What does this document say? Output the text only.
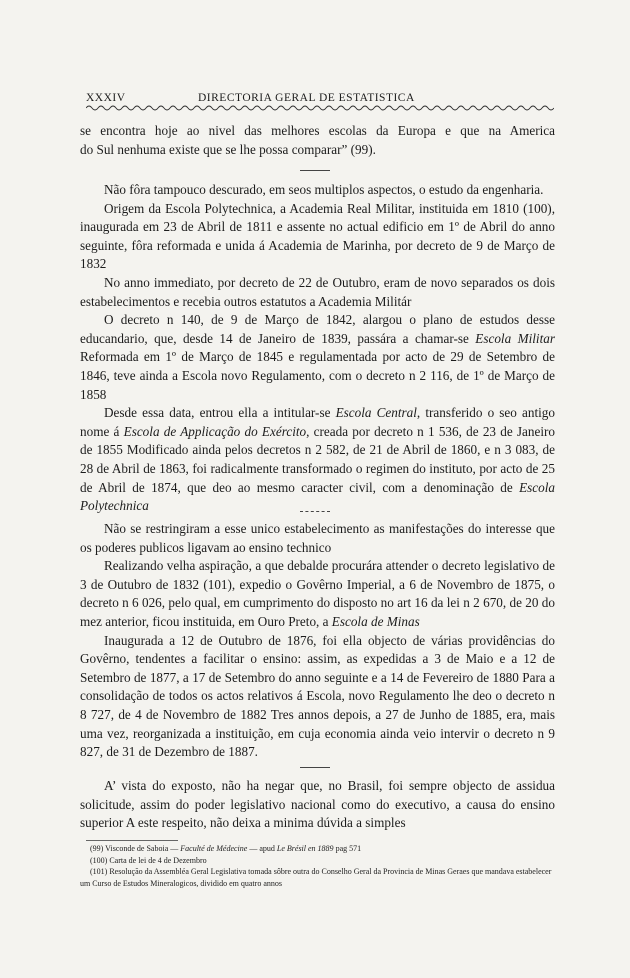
XXXIV	DIRECTORIA GERAL DE ESTATISTICA

se encontra hoje ao nivel das melhores escolas da Europa e que na America

do Sul nenhuma existe que se lhe possa comparar” (99).

Não fôra tampouco descurado, em seos multiplos aspectos, o estudo da engenharia.

Origem da Escola Polytechnica, a Academia Real Militar, instituida em 1810 (100), inaugurada em 23 de Abril de 1811 e assente no actual edificio em 1º de Abril do anno seguinte, fôra reformada e unida á Academia de Marinha, por decreto de 9 de Março de 1832

No anno immediato, por decreto de 22 de Outubro, eram de novo separados os dois estabelecimentos e recebia outros estatutos a Academia Militár

O decreto n 140, de 9 de Março de 1842, alargou o plano de estudos desse educandario, que, desde 14 de Janeiro de 1839, passára a chamar-se Escola Militar Reformada em 1º de Março de 1845 e regulamentada por acto de 29 de Setembro de 1846, teve ainda a Escola novo Regulamento, com o decreto n 2 116, de 1º de Março de 1858

Desde essa data, entrou ella a intitular-se Escola Central, transferido o seo antigo nome á Escola de Applicação do Exército, creada por decreto n 1 536, de 23 de Janeiro de 1855 Modificado ainda pelos decretos n 2 582, de 21 de Abril de 1860, e n 3 083, de 28 de Abril de 1863, foi radicalmente transformado o regimen do instituto, por acto de 25 de Abril de 1874, que deo ao mesmo caracter civil, com a denominação de Escola Polytechnica

Não se restringiram a esse unico estabelecimento as manifestações do interesse que os poderes publicos ligavam ao ensino technico

Realizando velha aspiração, a que debalde procurára attender o decreto legislativo de 3 de Outubro de 1832 (101), expedio o Govêrno Imperial, a 6 de Novembro de 1875, o decreto n 6 026, pelo qual, em cumprimento do disposto no art 16 da lei n 2 670, de 20 do mez anterior, ficou instituida, em Ouro Preto, a Escola de Minas

Inaugurada a 12 de Outubro de 1876, foi ella objecto de várias providências do Govêrno, tendentes a facilitar o ensino: assim, as expedidas a 3 de Maio e a 12 de Setembro de 1877, a 17 de Setembro do anno seguinte e a 14 de Fevereiro de 1880 Para a consolidação de todos os actos relativos á Escola, novo Regulamento lhe deo o decreto n 8 727, de 4 de Novembro de 1882 Tres annos depois, a 27 de Junho de 1885, era, mais uma vez, reorganizada a instituição, em cuja economia ainda veio intervir o decreto n 9 827, de 31 de Dezembro de 1887.

A’ vista do exposto, não ha negar que, no Brasil, foi sempre objecto de assidua solicitude, assim do poder legislativo nacional como do executivo, a causa do ensino superior A este respeito, não deixa a minima dúvida a simples

(99) Visconde de Saboia — Faculté de Médecine — apud Le Brésil en 1889 pag 571

(100) Carta de lei de 4 de Dezembro

(101) Resolução da Assembléa Geral Legislativa tomada sôbre outra do Conselho Geral da Provincia de Minas Geraes que mandava estabelecer um Curso de Estudos Mineralogicos, dividido em quatro annos
